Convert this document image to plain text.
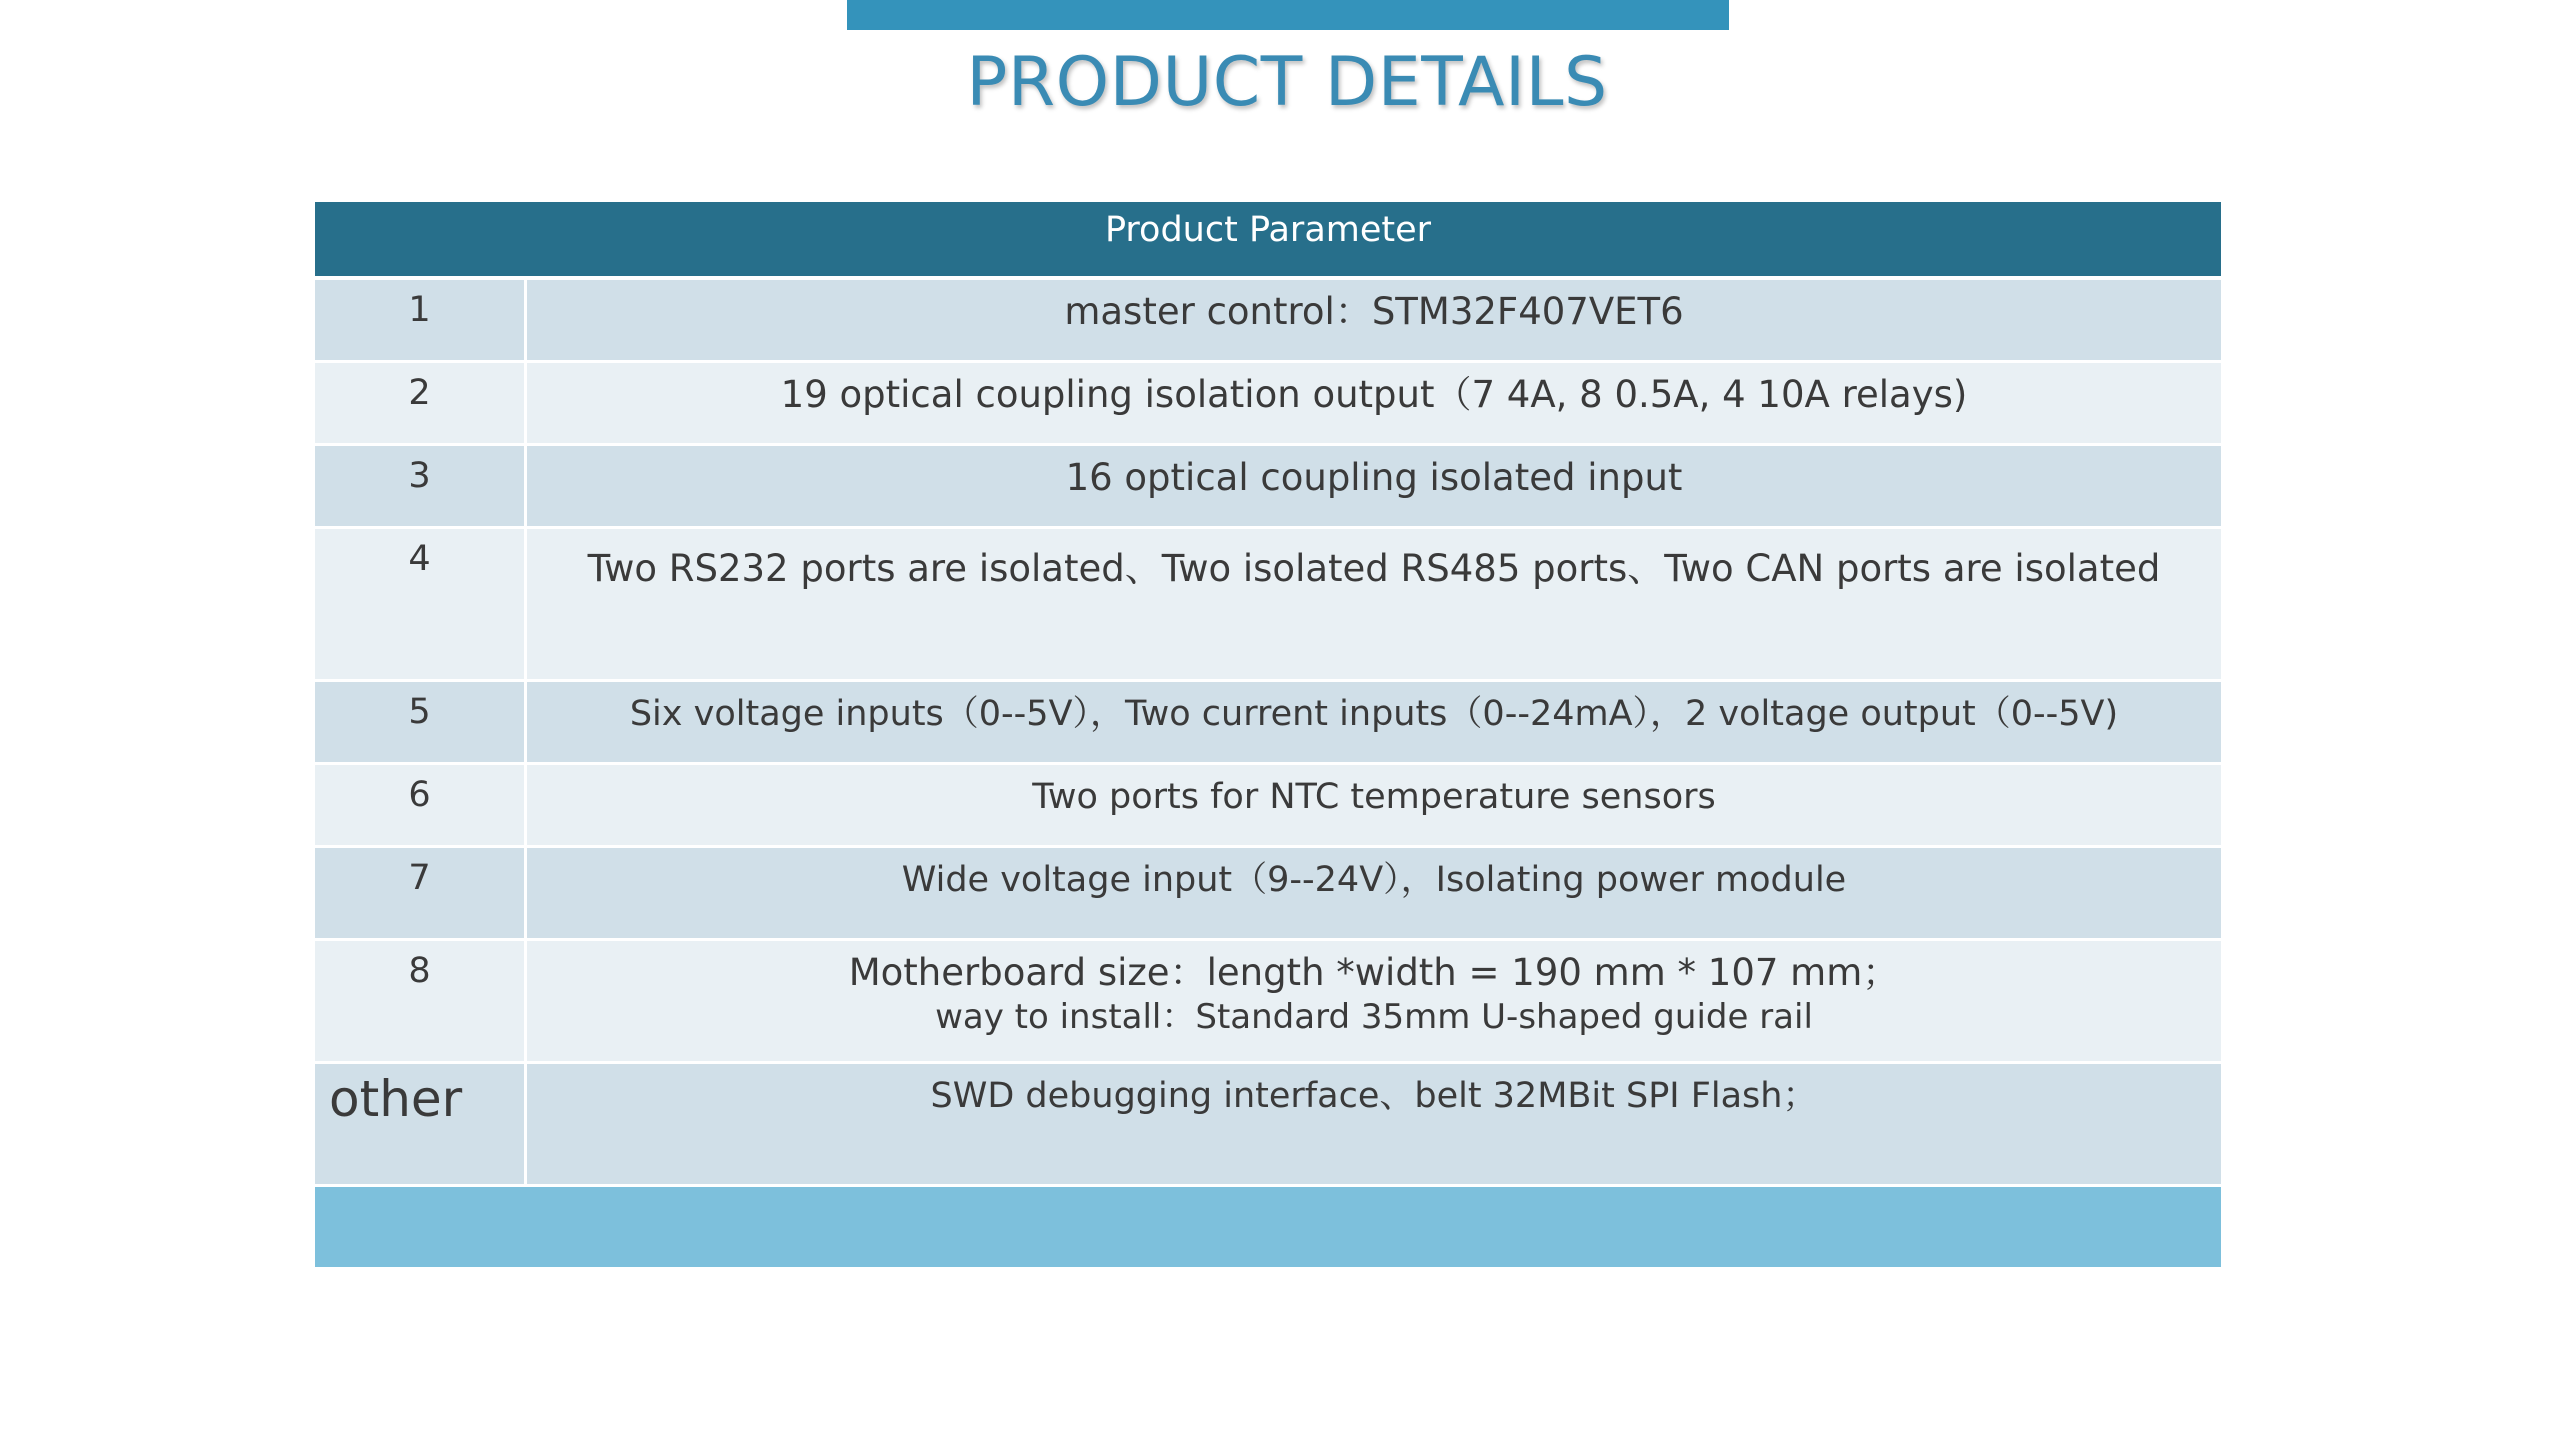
PRODUCT DETAILS
Product Parameter
1	master control：STM32F407VET6
2	19 optical coupling isolation output（7 4A, 8 0.5A, 4 10A relays)
3	16 optical coupling isolated input
4	Two RS232 ports are isolated、Two isolated RS485 ports、Two CAN ports are isolated
5	Six voltage inputs（0--5V），Two current inputs（0--24mA），2 voltage output（0--5V)
6	Two ports for NTC temperature sensors
7	Wide voltage input（9--24V），Isolating power module
8	Motherboard size：length *width = 190 mm * 107 mm；
way to install：Standard 35mm U-shaped guide rail
other	SWD debugging interface、belt 32MBit SPI Flash；
